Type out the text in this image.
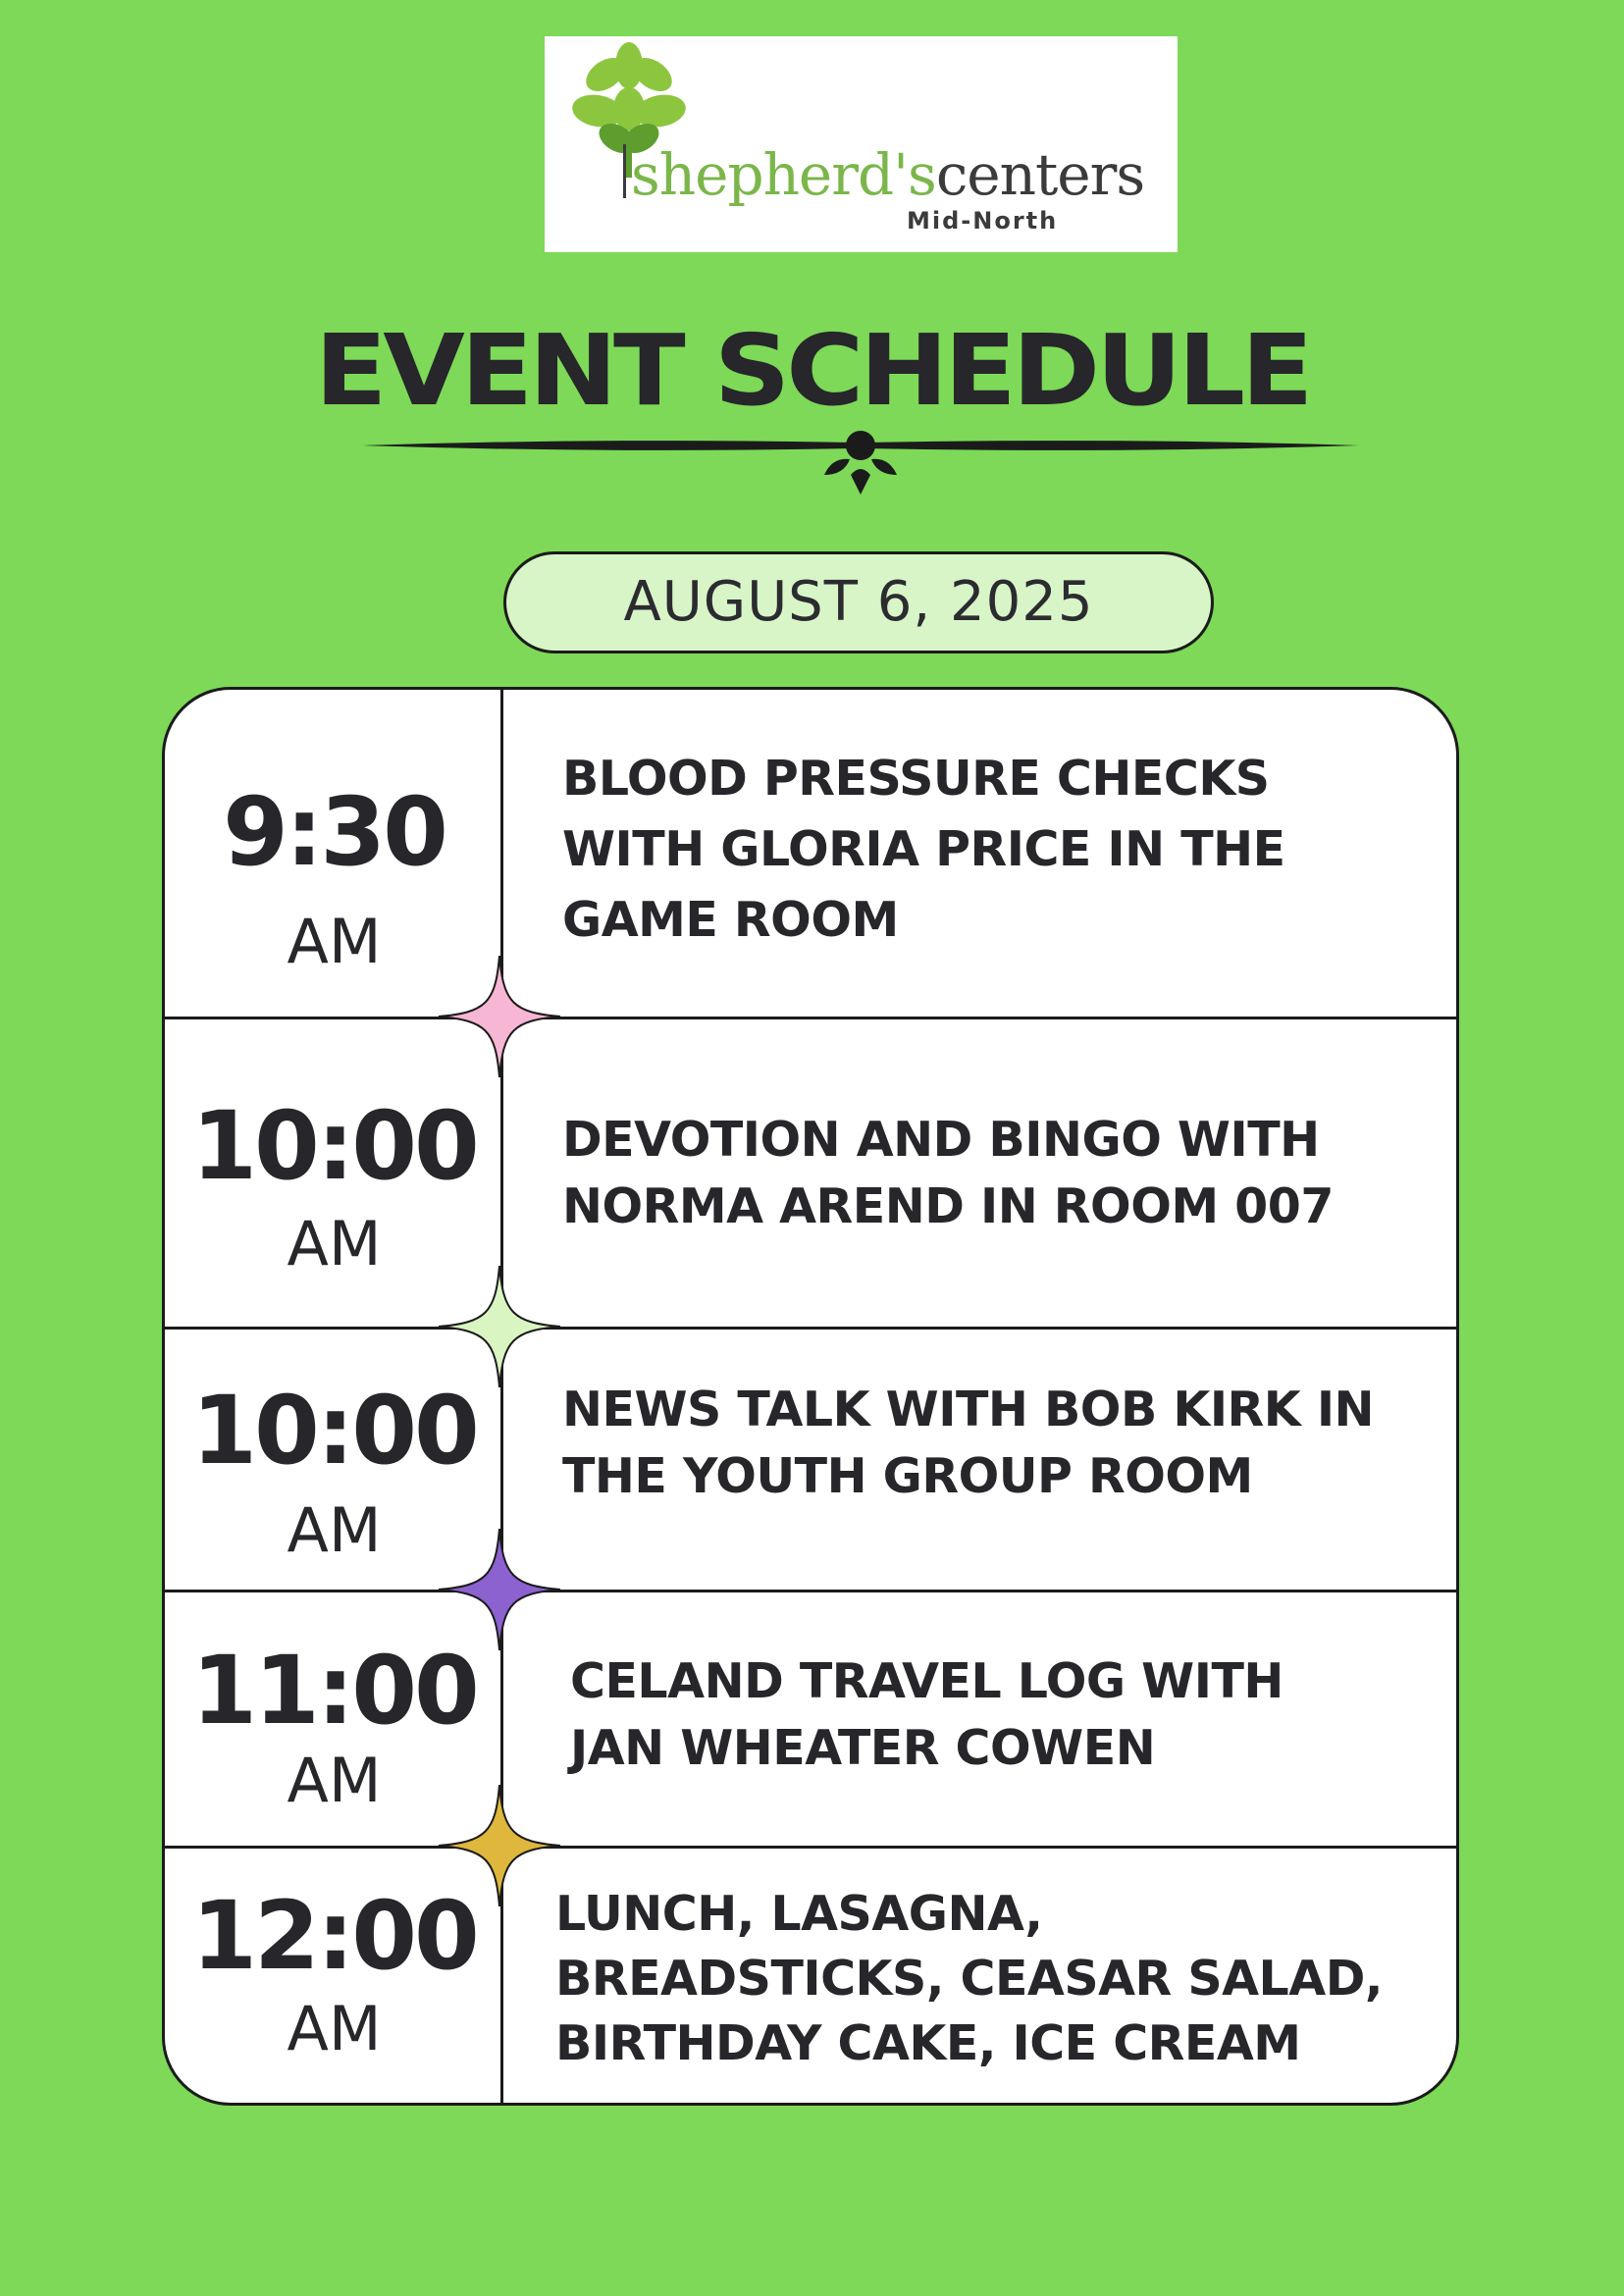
shepherd'scenters
Mid-North
EVENT SCHEDULE
AUGUST 6, 2025
9:30
AM
BLOOD PRESSURE CHECKS WITH GLORIA PRICE IN THE GAME ROOM
10:00
AM
DEVOTION AND BINGO WITH NORMA AREND IN ROOM 007
10:00
AM
NEWS TALK WITH BOB KIRK IN THE YOUTH GROUP ROOM
11:00
AM
CELAND TRAVEL LOG WITH JAN WHEATER COWEN
12:00
AM
LUNCH, LASAGNA, BREADSTICKS, CEASAR SALAD, BIRTHDAY CAKE, ICE CREAM
